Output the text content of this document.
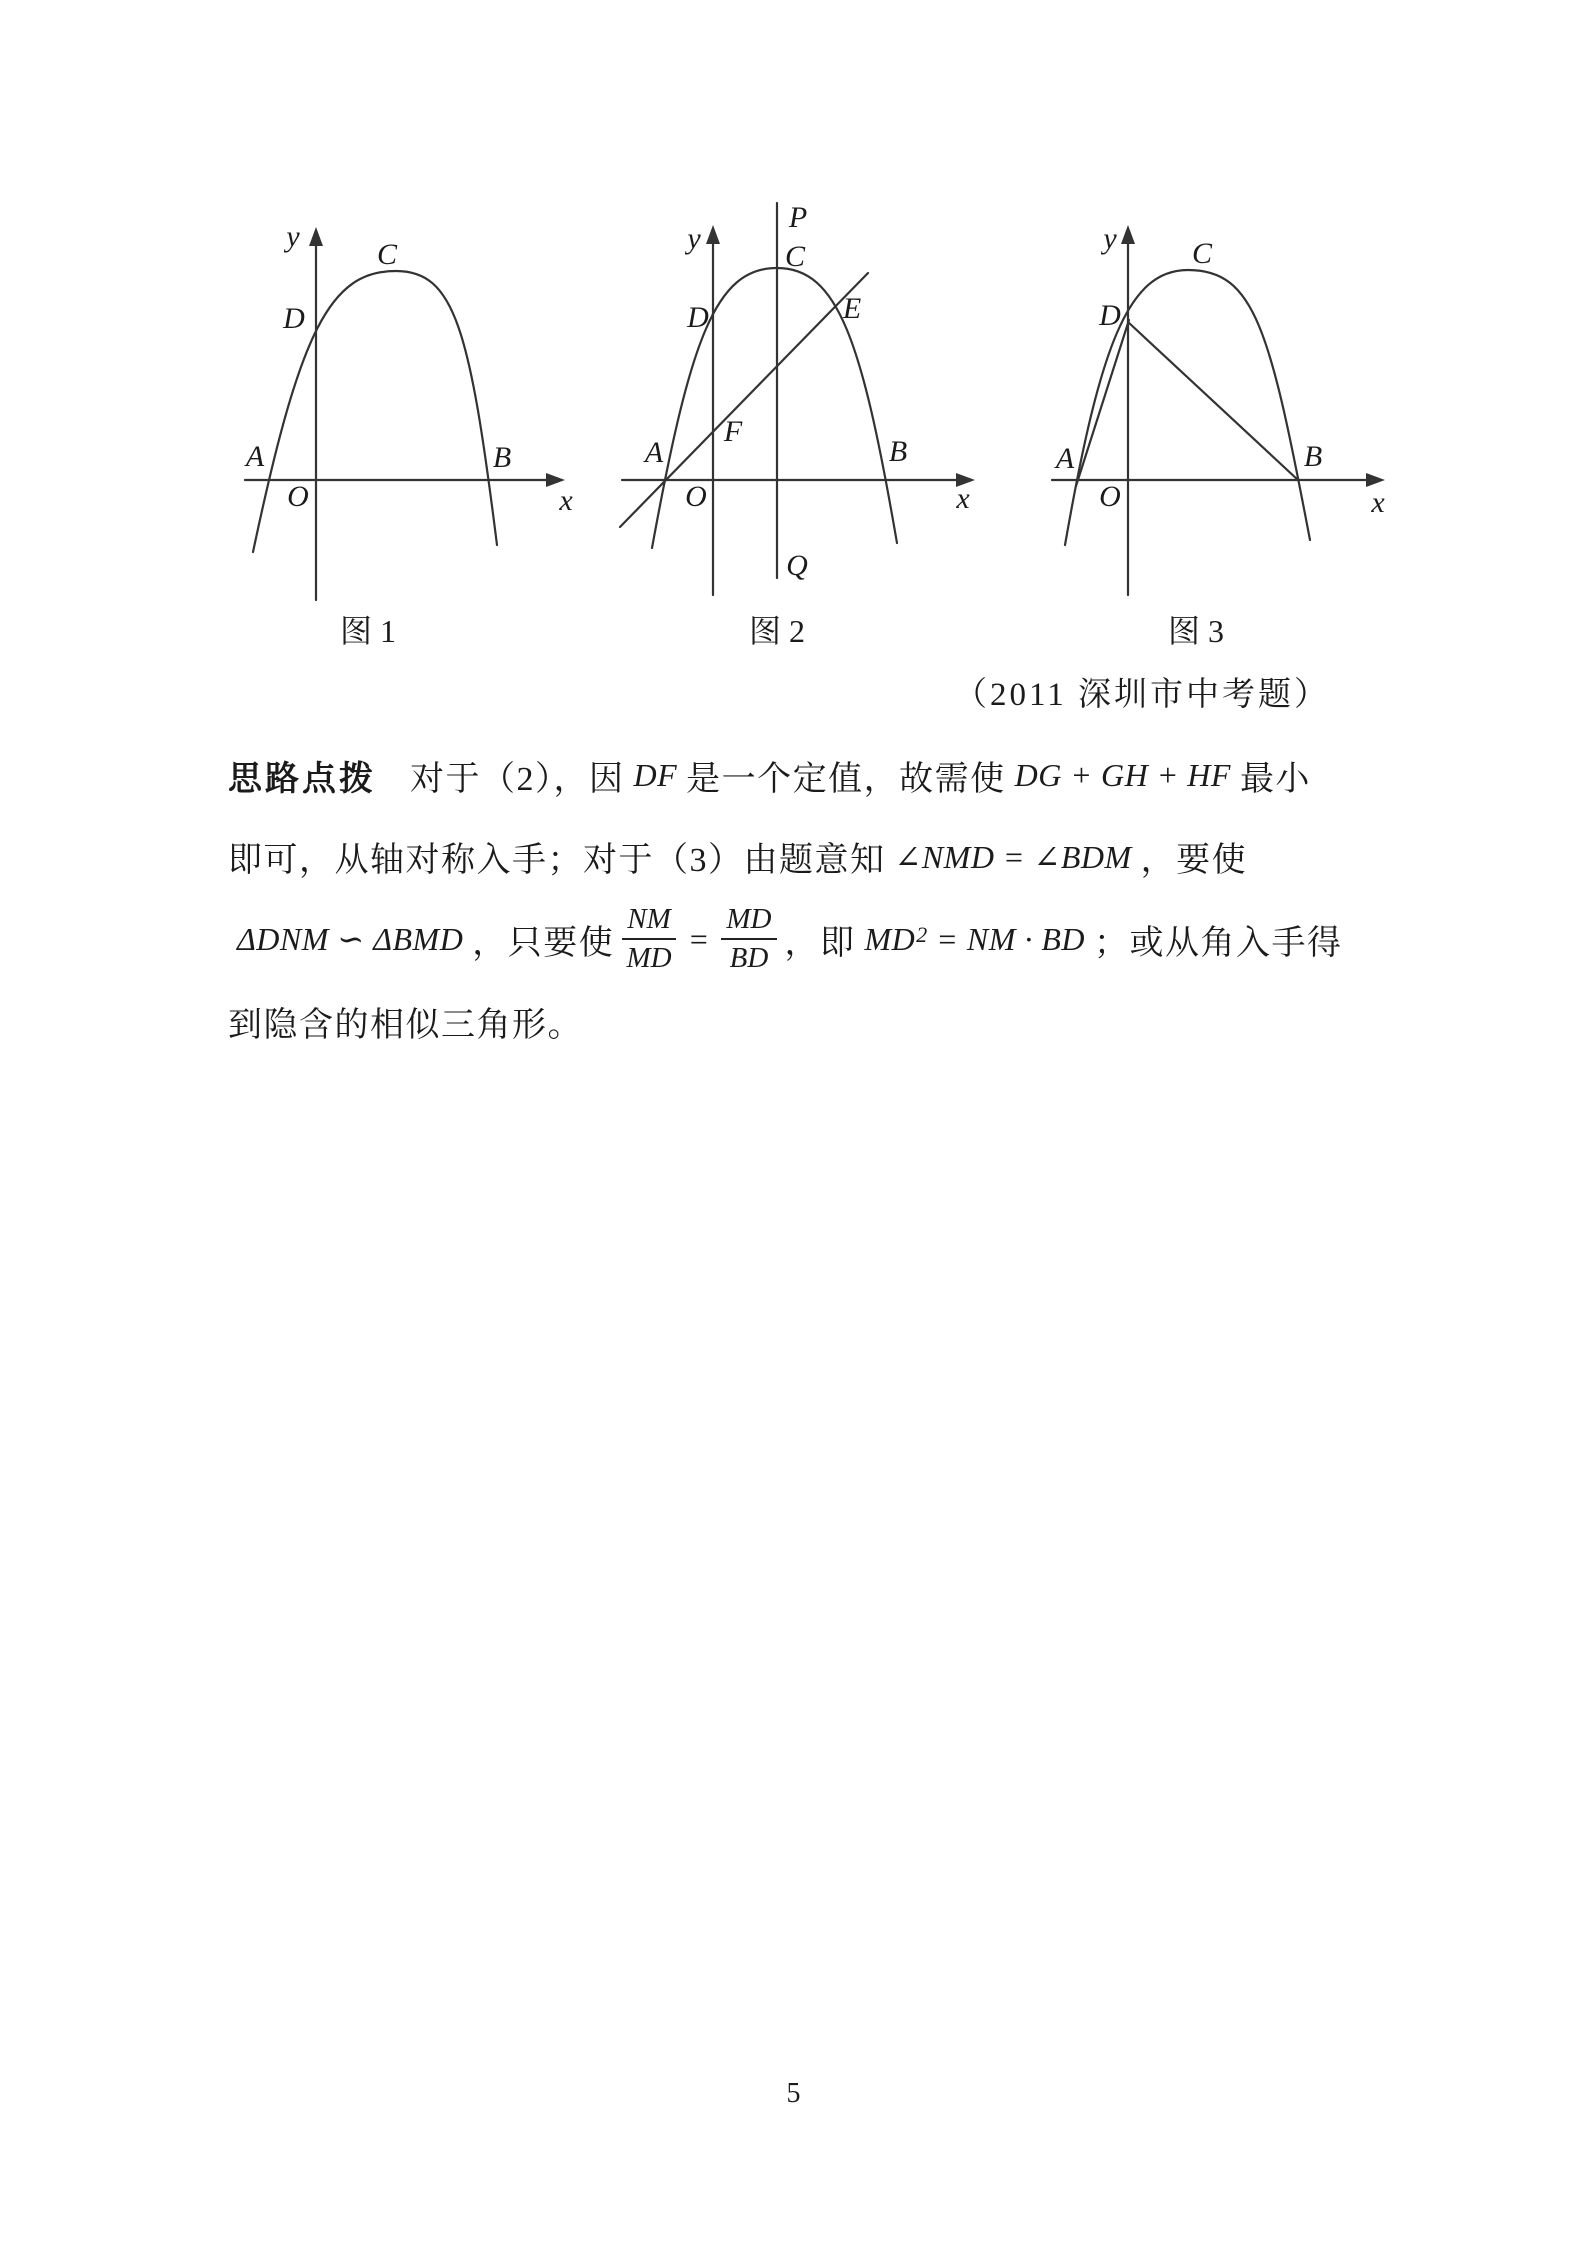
y
C
D
A	B
O	x
图 1
P
y
C
D	E
F
A	B
O	x
Q
图 2
y	C
D
A	B
O	x
图 3
（2011 深圳市中考题）
思路点拨 对于（2），因 DF 是一个定值，故需使 DG + GH + HF 最小
即可，从轴对称入手；对于（3）由题意知 ∠NMD = ∠BDM ，要使
ΔDNM ∽ ΔBMD ，只要使 $\frac{NM}{MD} = \frac{MD}{BD}$ ，即 $MD^2$ = NM · BD ；或从角入手得
到隐含的相似三角形。
5
